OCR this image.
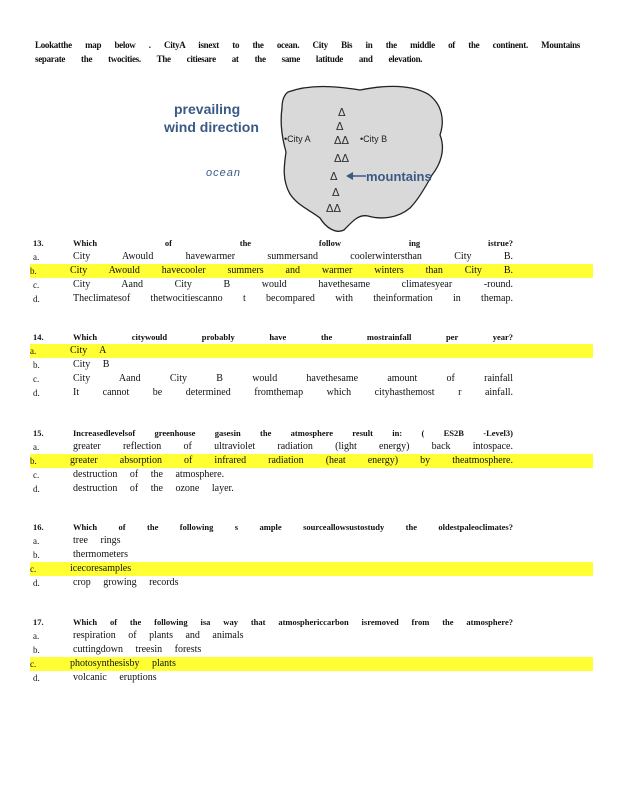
Lookatthe map below . CityA isnext to the ocean. City Bis in the middle of the continent. Mountains
separate the twocities. The citiesare at the same latitude and elevation.
prevailing
wind direction
ocean
•City A	•City B
Δ
Δ
ΔΔ
ΔΔ
Δ
Δ
ΔΔ
mountains
13.	Which of the follow ing istrue?
a.	City Awould havewarmer summersand coolerwintersthan City B.
b.	City Awould havecooler summers and warmer winters than City B.
c.	City Aand City B would havethesame climatesyear -round.
d.	Theclimatesof thetwocitiescanno t becompared with theinformation in themap.
14.	Which citywould probably have the mostrainfall per year?
a.	City A
b.	City B
c.	City Aand City B would havethesame amount of rainfall
d.	It cannot be determined fromthemap which cityhasthemost r ainfall.
15.	Increasedlevelsof greenhouse gasesin the atmosphere result in: ( ES2B -Level3)
a.	greater reflection of ultraviolet radiation (light energy) back intospace.
b.	greater absorption of infrared radiation (heat energy) by theatmosphere.
c.	destruction of the atmosphere.
d.	destruction of the ozone layer.
16.	Which of the following s ample sourceallowsustostudy the oldestpaleoclimates?
a.	tree rings
b.	thermometers
c.	icecoresamples
d.	crop growing records
17.	Which of the following isa way that atmosphericcarbon isremoved from the atmosphere?
a.	respiration of plants and animals
b.	cuttingdown treesin forests
c.	photosynthesisby plants
d.	volcanic eruptions
